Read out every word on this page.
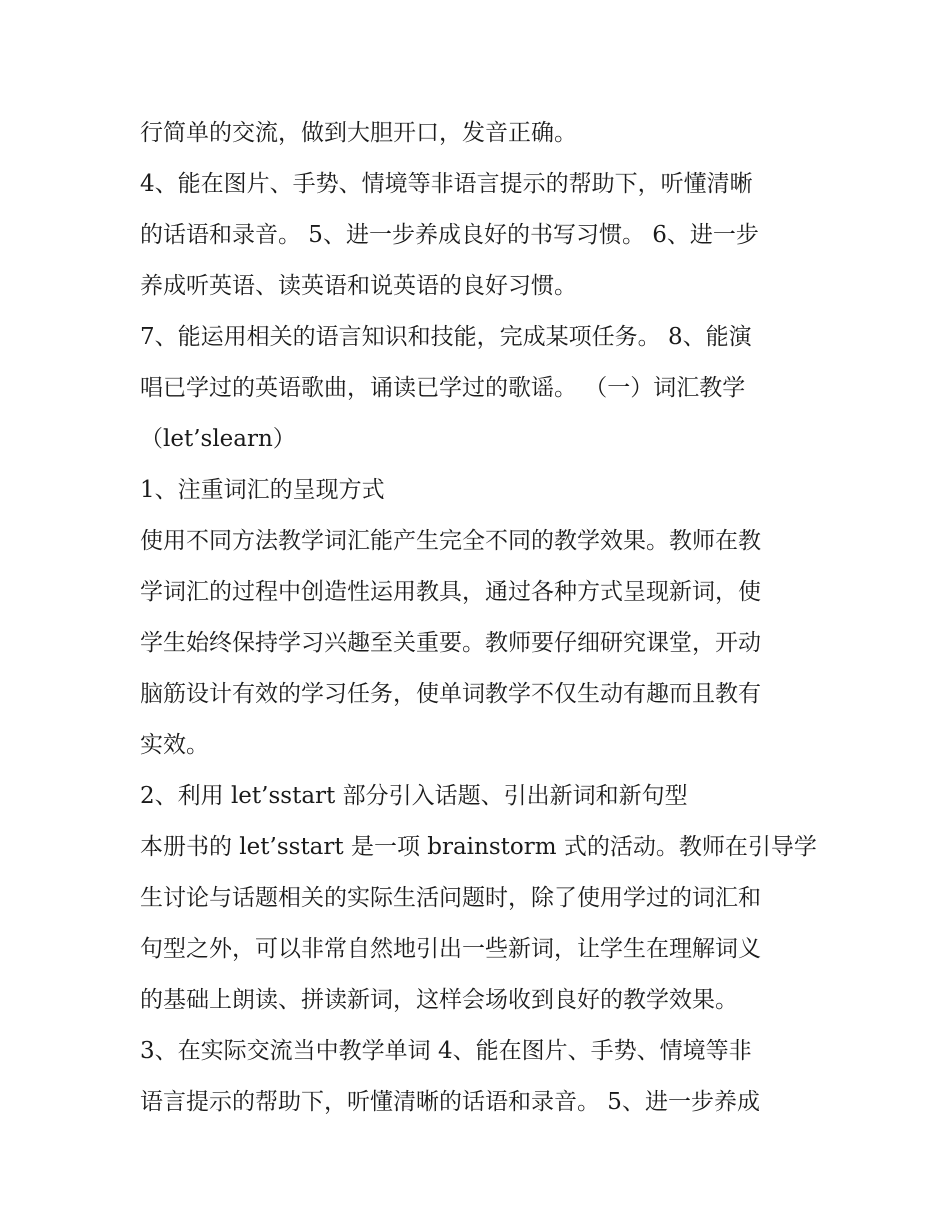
行简单的交流，做到大胆开口，发音正确。
4、能在图片、手势、情境等非语言提示的帮助下，听懂清晰
的话语和录音。 5、进一步养成良好的书写习惯。 6、进一步
养成听英语、读英语和说英语的良好习惯。
7、能运用相关的语言知识和技能，完成某项任务。 8、能演
唱已学过的英语歌曲，诵读已学过的歌谣。 （一）词汇教学
（let’slearn）
1、注重词汇的呈现方式
使用不同方法教学词汇能产生完全不同的教学效果。教师在教
学词汇的过程中创造性运用教具，通过各种方式呈现新词，使
学生始终保持学习兴趣至关重要。教师要仔细研究课堂，开动
脑筋设计有效的学习任务，使单词教学不仅生动有趣而且教有
实效。
2、利用 let’sstart 部分引入话题、引出新词和新句型
本册书的 let’sstart 是一项 brainstorm 式的活动。教师在引导学
生讨论与话题相关的实际生活问题时，除了使用学过的词汇和
句型之外，可以非常自然地引出一些新词，让学生在理解词义
的基础上朗读、拼读新词，这样会场收到良好的教学效果。
3、在实际交流当中教学单词 4、能在图片、手势、情境等非
语言提示的帮助下，听懂清晰的话语和录音。 5、进一步养成
